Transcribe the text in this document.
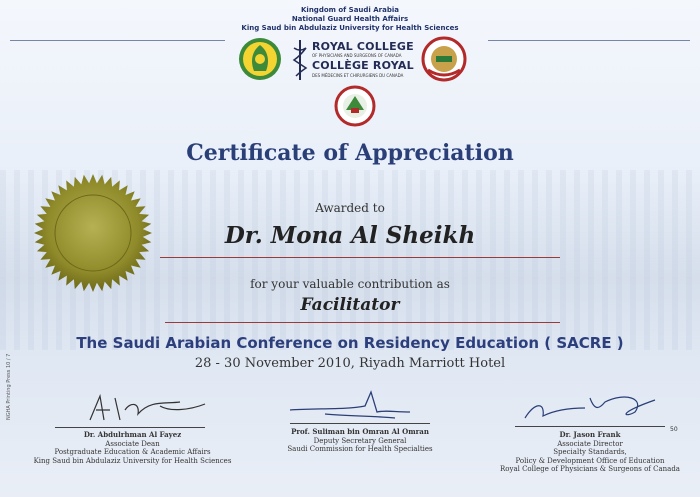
Kingdom of Saudi Arabia
National Guard Health Affairs
King Saud bin Abdulaziz University for Health Sciences
ROYAL COLLEGE
OF PHYSICIANS AND SURGEONS OF CANADA
COLLÈGE ROYAL
DES MÉDECINS ET CHIRURGIENS DU CANADA
Certificate of Appreciation
Awarded to
Dr. Mona Al Sheikh
for your valuable contribution as
Facilitator
The Saudi Arabian Conference on Residency Education ( SACRE )
28 - 30 November 2010, Riyadh Marriott Hotel
Dr. Abdulrhman Al Fayez
Associate Dean
Postgraduate Education & Academic Affairs
King Saud bin Abdulaziz University for Health Sciences
Prof. Suliman bin Omran Al Omran
Deputy Secretary General
Saudi Commission for Health Specialties
Dr. Jason Frank
Associate Director
Specialty Standards,
Policy & Development Office of Education
Royal College of Physicians & Surgeons of Canada
NGHA Printing Press 10 / 7
50
